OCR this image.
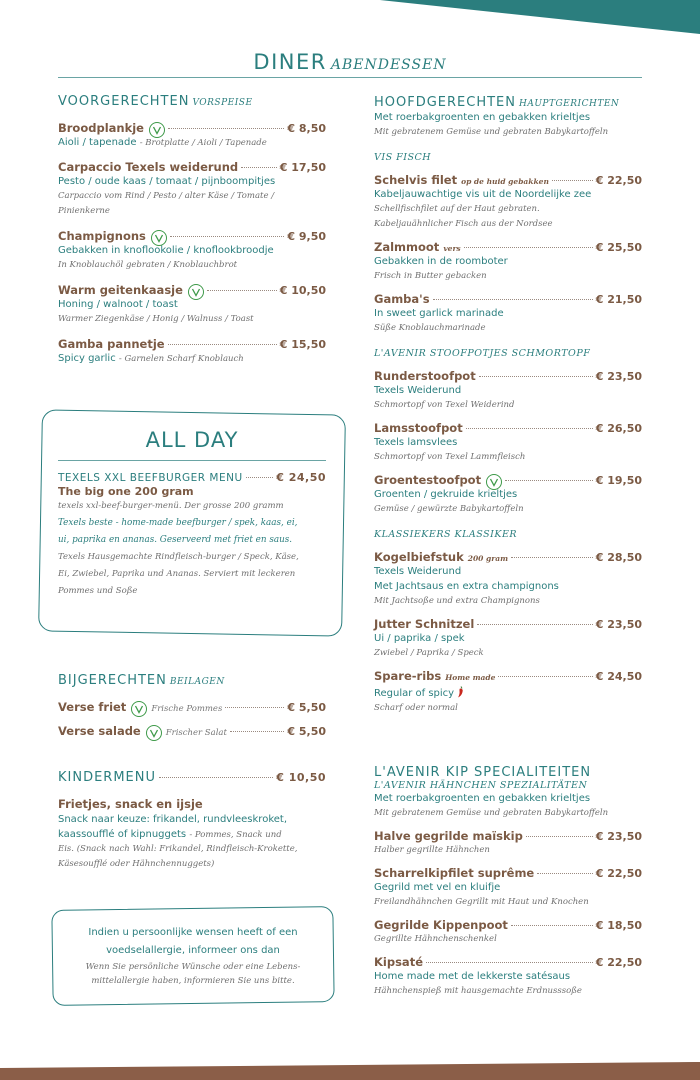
DINER ABENDESSEN
VOORGERECHTEN VORSPEISE
Broodplankje	€ 8,50
Aioli / tapenade - Brotplatte / Aioli / Tapenade
Carpaccio Texels weiderund	€ 17,50
Pesto / oude kaas / tomaat / pijnboompitjes
Carpaccio vom Rind / Pesto / alter Käse / Tomate /
Pinienkerne
Champignons	€ 9,50
Gebakken in knoflookolie / knoflookbroodje
In Knoblauchöl gebraten / Knoblauchbrot
Warm geitenkaasje	€ 10,50
Honing / walnoot / toast
Warmer Ziegenkäse / Honig / Walnuss / Toast
Gamba pannetje	€ 15,50
Spicy garlic - Garnelen Scharf Knoblauch
ALL DAY
TEXELS XXL BEEFBURGER MENU	€ 24,50
The big one 200 gram
texels xxl-beef-burger-menü. Der grosse 200 gramm
Texels beste - home-made beefburger / spek, kaas, ei,
ui, paprika en ananas. Geserveerd met friet en saus.
Texels Hausgemachte Rindfleisch-burger / Speck, Käse,
Ei, Zwiebel, Paprika und Ananas. Serviert mit leckeren
Pommes und Soße
BIJGERECHTEN BEILAGEN
Verse friet	Frische Pommes	€ 5,50
Verse salade	Frischer Salat	€ 5,50
KINDERMENU	€ 10,50
Frietjes, snack en ijsje
Snack naar keuze: frikandel, rundvleeskroket,
kaassoufflé of kipnuggets - Pommes, Snack und
Eis. (Snack nach Wahl: Frikandel, Rindfleisch-Krokette,
Käsesoufflé oder Hähnchennuggets)
Indien u persoonlijke wensen heeft of een
voedselallergie, informeer ons dan
Wenn Sie persönliche Wünsche oder eine Lebens-
mittelallergie haben, informieren Sie uns bitte.
HOOFDGERECHTEN HAUPTGERICHTEN
Met roerbakgroenten en gebakken krieltjes
Mit gebratenem Gemüse und gebraten Babykartoffeln
VIS FISCH
Schelvis filet op de huid gebakken	€ 22,50
Kabeljauwachtige vis uit de Noordelijke zee
Schellfischfilet auf der Haut gebraten.
Kabeljauähnlicher Fisch aus der Nordsee
Zalmmoot vers	€ 25,50
Gebakken in de roomboter
Frisch in Butter gebacken
Gamba's	€ 21,50
In sweet garlick marinade
Süße Knoblauchmarinade
L'AVENIR STOOFPOTJES SCHMORTOPF
Runderstoofpot	€ 23,50
Texels Weiderund
Schmortopf von Texel Weiderind
Lamsstoofpot	€ 26,50
Texels lamsvlees
Schmortopf von Texel Lammfleisch
Groentestoofpot	€ 19,50
Groenten / gekruide krieltjes
Gemüse / gewürzte Babykartoffeln
KLASSIEKERS KLASSIKER
Kogelbiefstuk 200 gram	€ 28,50
Texels Weiderund
Met Jachtsaus en extra champignons
Mit Jachtsoße und extra Champignons
Jutter Schnitzel	€ 23,50
Ui / paprika / spek
Zwiebel / Paprika / Speck
Spare-ribs Home made	€ 24,50
Regular of spicy
Scharf oder normal
L'AVENIR KIP SPECIALITEITEN
L'AVENIR HÄHNCHEN SPEZIALITÄTEN
Met roerbakgroenten en gebakken krieltjes
Mit gebratenem Gemüse und gebraten Babykartoffeln
Halve gegrilde maïskip	€ 23,50
Halber gegrillte Hähnchen
Scharrelkipfilet suprême	€ 22,50
Gegrild met vel en kluifje
Freilandhähnchen Gegrillt mit Haut und Knochen
Gegrilde Kippenpoot	€ 18,50
Gegrillte Hähnchenschenkel
Kipsaté	€ 22,50
Home made met de lekkerste satésaus
Hähnchenspieß mit hausgemachte Erdnusssoße
